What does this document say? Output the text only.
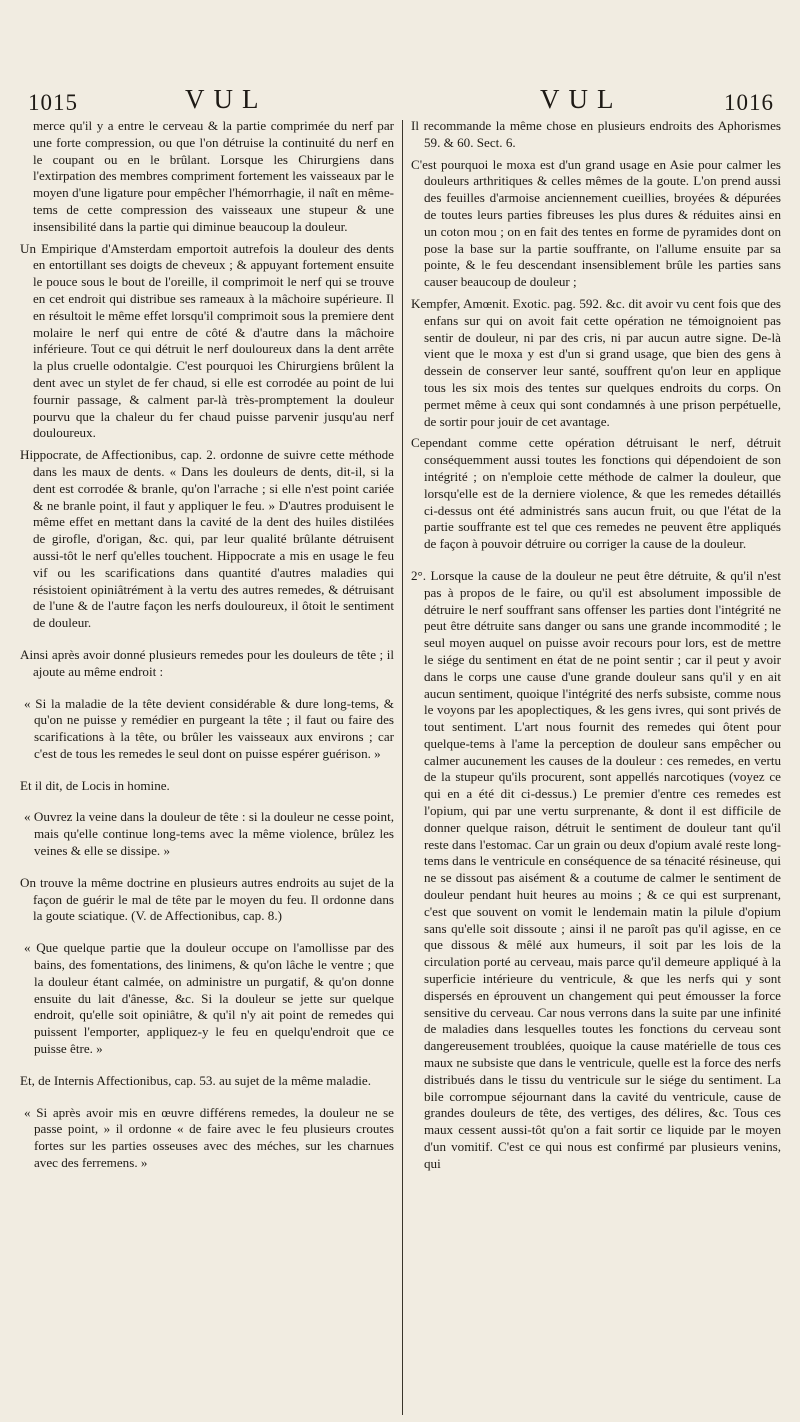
1015	VUL	VUL	1016

merce qu'il y a entre le cerveau & la partie comprimée du nerf par une forte compression, ou que l'on détruise la continuité du nerf en le coupant ou en le brûlant. Lorsque les Chirurgiens dans l'extirpation des membres compriment fortement les vaisseaux par le moyen d'une ligature pour empêcher l'hémorrhagie, il naît en même-tems de cette compression des vaisseaux une stupeur & une insensibilité dans la partie qui diminue beaucoup la douleur.

Un Empirique d'Amsterdam emportoit autrefois la douleur des dents en entortillant ses doigts de cheveux ; & appuyant fortement ensuite le pouce sous le bout de l'oreille, il comprimoit le nerf qui se trouve en cet endroit qui distribue ses rameaux à la mâchoire supérieure. Il en résultoit le même effet lorsqu'il comprimoit sous la premiere dent molaire le nerf qui entre de côté & d'autre dans la mâchoire inférieure. Tout ce qui détruit le nerf douloureux dans la dent arrête la plus cruelle odontalgie. C'est pourquoi les Chirurgiens brûlent la dent avec un stylet de fer chaud, si elle est corrodée au point de lui fournir passage, & calment par-là très-promptement la douleur pourvu que la chaleur du fer chaud puisse parvenir jusqu'au nerf douloureux.

Hippocrate, de Affectionibus, cap. 2. ordonne de suivre cette méthode dans les maux de dents. « Dans les douleurs de dents, dit-il, si la dent est corrodée & branle, qu'on l'arrache ; si elle n'est point cariée & ne branle point, il faut y appliquer le feu. » D'autres produisent le même effet en mettant dans la cavité de la dent des huiles distilées de girofle, d'origan, &c. qui, par leur qualité brûlante détruisent aussi-tôt le nerf qu'elles touchent. Hippocrate a mis en usage le feu vif ou les scarifications dans quantité d'autres maladies qui résistoient opiniâtrément à la vertu des autres remedes, & détruisant de l'une & de l'autre façon les nerfs douloureux, il ôtoit le sentiment de douleur.

Ainsi après avoir donné plusieurs remedes pour les douleurs de tête ; il ajoute au même endroit :

« Si la maladie de la tête devient considérable & dure long-tems, & qu'on ne puisse y remédier en purgeant la tête ; il faut ou faire des scarifications à la tête, ou brûler les vaisseaux aux environs ; car c'est de tous les remedes le seul dont on puisse espérer guérison. »

Et il dit, de Locis in homine.

« Ouvrez la veine dans la douleur de tête : si la douleur ne cesse point, mais qu'elle continue long-tems avec la même violence, brûlez les veines & elle se dissipe. »

On trouve la même doctrine en plusieurs autres endroits au sujet de la façon de guérir le mal de tête par le moyen du feu. Il ordonne dans la goute sciatique. (V. de Affectionibus, cap. 8.)

« Que quelque partie que la douleur occupe on l'amollisse par des bains, des fomentations, des linimens, & qu'on lâche le ventre ; que la douleur étant calmée, on administre un purgatif, & qu'on donne ensuite du lait d'ânesse, &c. Si la douleur se jette sur quelque endroit, qu'elle soit opiniâtre, & qu'il n'y ait point de remedes qui puissent l'emporter, appliquez-y le feu en quelqu'endroit que ce puisse être. »

Et, de Internis Affectionibus, cap. 53. au sujet de la même maladie.

« Si après avoir mis en œuvre différens remedes, la douleur ne se passe point, » il ordonne « de faire avec le feu plusieurs croutes fortes sur les parties osseuses avec des méches, sur les charnues avec des ferremens. »

Il recommande la même chose en plusieurs endroits des Aphorismes 59. & 60. Sect. 6.

C'est pourquoi le moxa est d'un grand usage en Asie pour calmer les douleurs arthritiques & celles mêmes de la goute. L'on prend aussi des feuilles d'armoise anciennement cueillies, broyées & dépurées de toutes leurs parties fibreuses les plus dures & réduites ainsi en un coton mou ; on en fait des tentes en forme de pyramides dont on pose la base sur la partie souffrante, on l'allume ensuite par sa pointe, & le feu descendant insensiblement brûle les parties sans causer beaucoup de douleur ;

Kempfer, Amœnit. Exotic. pag. 592. &c. dit avoir vu cent fois que des enfans sur qui on avoit fait cette opération ne témoignoient pas sentir de douleur, ni par des cris, ni par aucun autre signe. De-là vient que le moxa y est d'un si grand usage, que bien des gens à dessein de conserver leur santé, souffrent qu'on leur en applique tous les six mois des tentes sur quelques endroits du corps. On permet même à ceux qui sont condamnés à une prison perpétuelle, de sortir pour jouir de cet avantage.

Cependant comme cette opération détruisant le nerf, détruit conséquemment aussi toutes les fonctions qui dépendoient de son intégrité ; on n'emploie cette méthode de calmer la douleur, que lorsqu'elle est de la derniere violence, & que les remedes détaillés ci-dessus ont été administrés sans aucun fruit, ou que l'état de la partie souffrante est tel que ces remedes ne peuvent être appliqués de façon à pouvoir détruire ou corriger la cause de la douleur.

2°. Lorsque la cause de la douleur ne peut être détruite, & qu'il n'est pas à propos de le faire, ou qu'il est absolument impossible de détruire le nerf souffrant sans offenser les parties dont l'intégrité ne peut être détruite sans danger ou sans une grande incommodité ; le seul moyen auquel on puisse avoir recours pour lors, est de mettre le siége du sentiment en état de ne point sentir ; car il peut y avoir dans le corps une cause d'une grande douleur sans qu'il y en ait aucun sentiment, quoique l'intégrité des nerfs subsiste, comme nous le voyons par les apoplectiques, & les gens ivres, qui sont privés de tout sentiment. L'art nous fournit des remedes qui ôtent pour quelque-tems à l'ame la perception de douleur sans empêcher ou calmer aucunement les causes de la douleur : ces remedes, en vertu de la stupeur qu'ils procurent, sont appellés narcotiques (voyez ce qui en a été dit ci-dessus.) Le premier d'entre ces remedes est l'opium, qui par une vertu surprenante, & dont il est difficile de donner quelque raison, détruit le sentiment de douleur tant qu'il reste dans l'estomac. Car un grain ou deux d'opium avalé reste long-tems dans le ventricule en conséquence de sa ténacité résineuse, qui ne se dissout pas aisément & a coutume de calmer le sentiment de douleur pendant huit heures au moins ; & ce qui est surprenant, c'est que souvent on vomit le lendemain matin la pilule d'opium sans qu'elle soit dissoute ; ainsi il ne paroît pas qu'il agisse, en ce que dissous & mêlé aux humeurs, il soit par les lois de la circulation porté au cerveau, mais parce qu'il demeure appliqué à la superficie intérieure du ventricule, & que les nerfs qui y sont dispersés en éprouvent un changement qui peut émousser la force sensitive du cerveau. Car nous verrons dans la suite par une infinité de maladies dans lesquelles toutes les fonctions du cerveau sont dangereusement troublées, quoique la cause matérielle de tous ces maux ne subsiste que dans le ventricule, quelle est la force des nerfs distribués dans le tissu du ventricule sur le siége du sentiment. La bile corrompue séjournant dans la cavité du ventricule, cause de grandes douleurs de tête, des vertiges, des délires, &c. Tous ces maux cessent aussi-tôt qu'on a fait sortir ce liquide par le moyen d'un vomitif. C'est ce qui nous est confirmé par plusieurs venins, qui
